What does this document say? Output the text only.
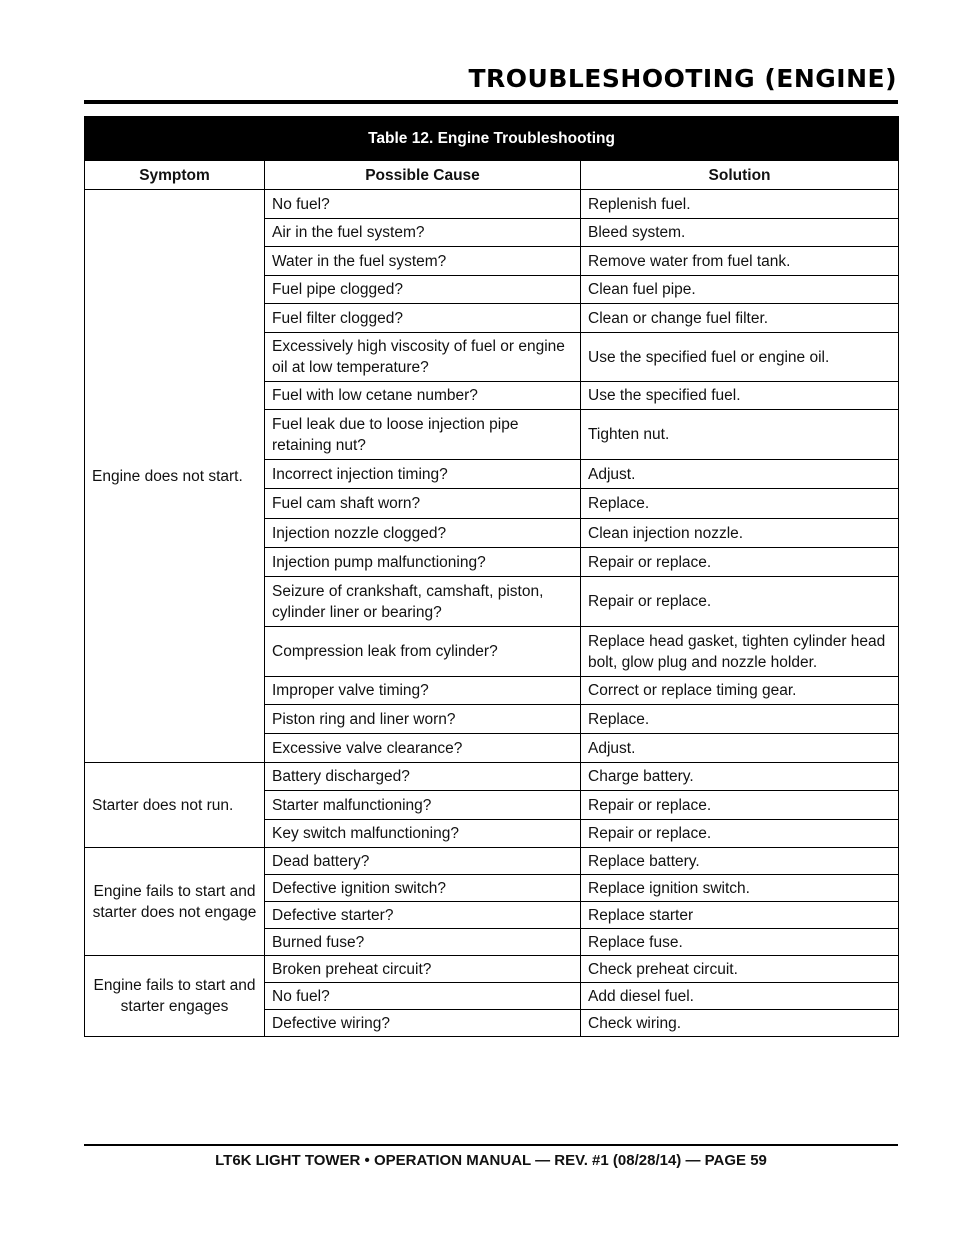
TROUBLESHOOTING (ENGINE)
Table 12. Engine Troubleshooting		
Symptom	Possible Cause	Solution
Engine does not start.	No fuel?	Replenish fuel.
	Air in the fuel system?	Bleed system.
	Water in the fuel system?	Remove water from fuel tank.
	Fuel pipe clogged?	Clean fuel pipe.
	Fuel filter clogged?	Clean or change fuel filter.
	Excessively high viscosity of fuel or engine oil at low temperature?	Use the specified fuel or engine oil.
	Fuel with low cetane number?	Use the specified fuel.
	Fuel leak due to loose injection pipe retaining nut?	Tighten nut.
	Incorrect injection timing?	Adjust.
	Fuel cam shaft worn?	Replace.
	Injection nozzle clogged?	Clean injection nozzle.
	Injection pump malfunctioning?	Repair or replace.
	Seizure of crankshaft, camshaft, piston, cylinder liner or bearing?	Repair or replace.
	Compression leak from cylinder?	Replace head gasket, tighten cylinder head bolt, glow plug and nozzle holder.
	Improper valve timing?	Correct or replace timing gear.
	Piston ring and liner worn?	Replace.
	Excessive valve clearance?	Adjust.
Starter does not run.	Battery discharged?	Charge battery.
	Starter malfunctioning?	Repair or replace.
	Key switch malfunctioning?	Repair or replace.
Engine fails to start and starter does not engage	Dead battery?	Replace battery.
	Defective ignition switch?	Replace ignition switch.
	Defective starter?	Replace starter
	Burned fuse?	Replace fuse.
Engine fails to start and starter engages	Broken preheat circuit?	Check preheat circuit.
	No fuel?	Add diesel fuel.
	Defective wiring?	Check wiring.
LT6K LIGHT TOWER • OPERATION MANUAL — REV. #1 (08/28/14) — PAGE 59
